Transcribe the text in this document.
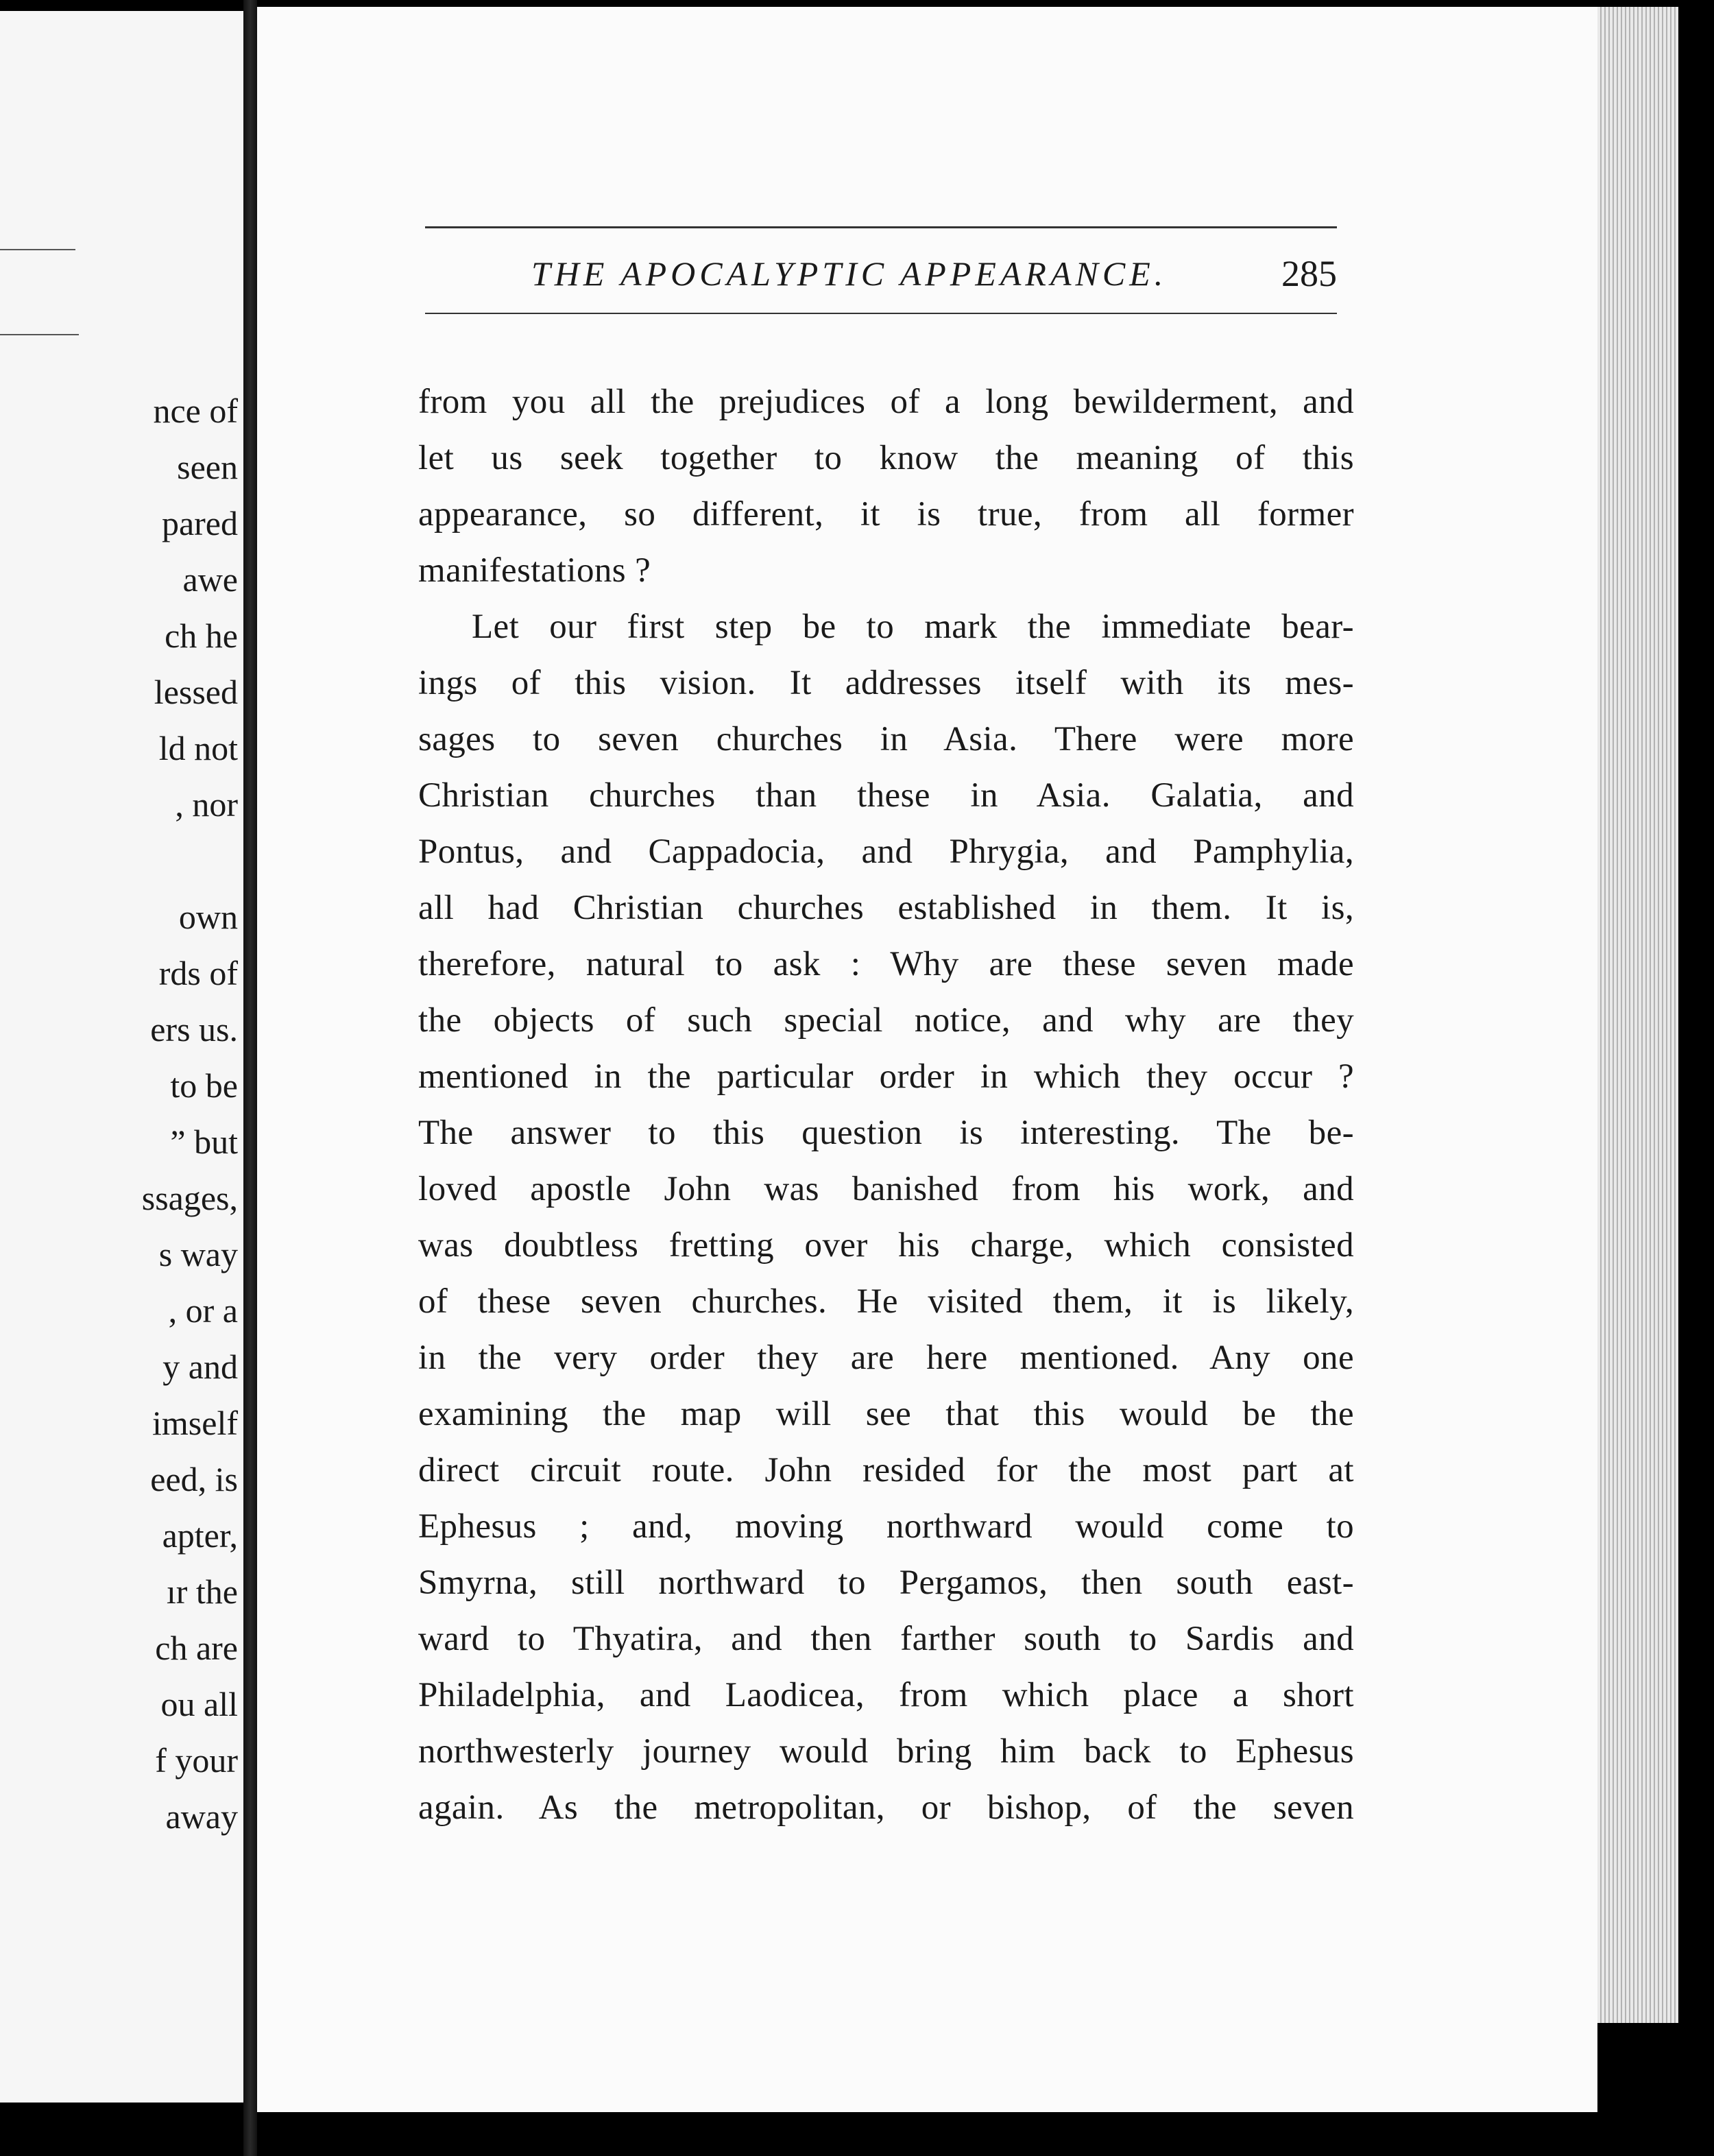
nce of
seen
pared
awe
ch he
lessed
ld not
, nor
own
rds of
ers us.
to be
” but
ssages,
s way
, or a
y and
imself
eed, is
apter,
ır the
ch are
ou all
f your
away
THE APOCALYPTIC APPEARANCE.	285
from you all the prejudices of a long bewilderment, and
let us seek together to know the meaning of this
appearance, so different, it is true, from all former
manifestations ?
Let our first step be to mark the immediate bear-
ings of this vision. It addresses itself with its mes-
sages to seven churches in Asia. There were more
Christian churches than these in Asia. Galatia, and
Pontus, and Cappadocia, and Phrygia, and Pamphylia,
all had Christian churches established in them. It is,
therefore, natural to ask : Why are these seven made
the objects of such special notice, and why are they
mentioned in the particular order in which they occur ?
The answer to this question is interesting. The be-
loved apostle John was banished from his work, and
was doubtless fretting over his charge, which consisted
of these seven churches. He visited them, it is likely,
in the very order they are here mentioned. Any one
examining the map will see that this would be the
direct circuit route. John resided for the most part at
Ephesus ; and, moving northward would come to
Smyrna, still northward to Pergamos, then south east-
ward to Thyatira, and then farther south to Sardis and
Philadelphia, and Laodicea, from which place a short
northwesterly journey would bring him back to Ephesus
again. As the metropolitan, or bishop, of the seven
